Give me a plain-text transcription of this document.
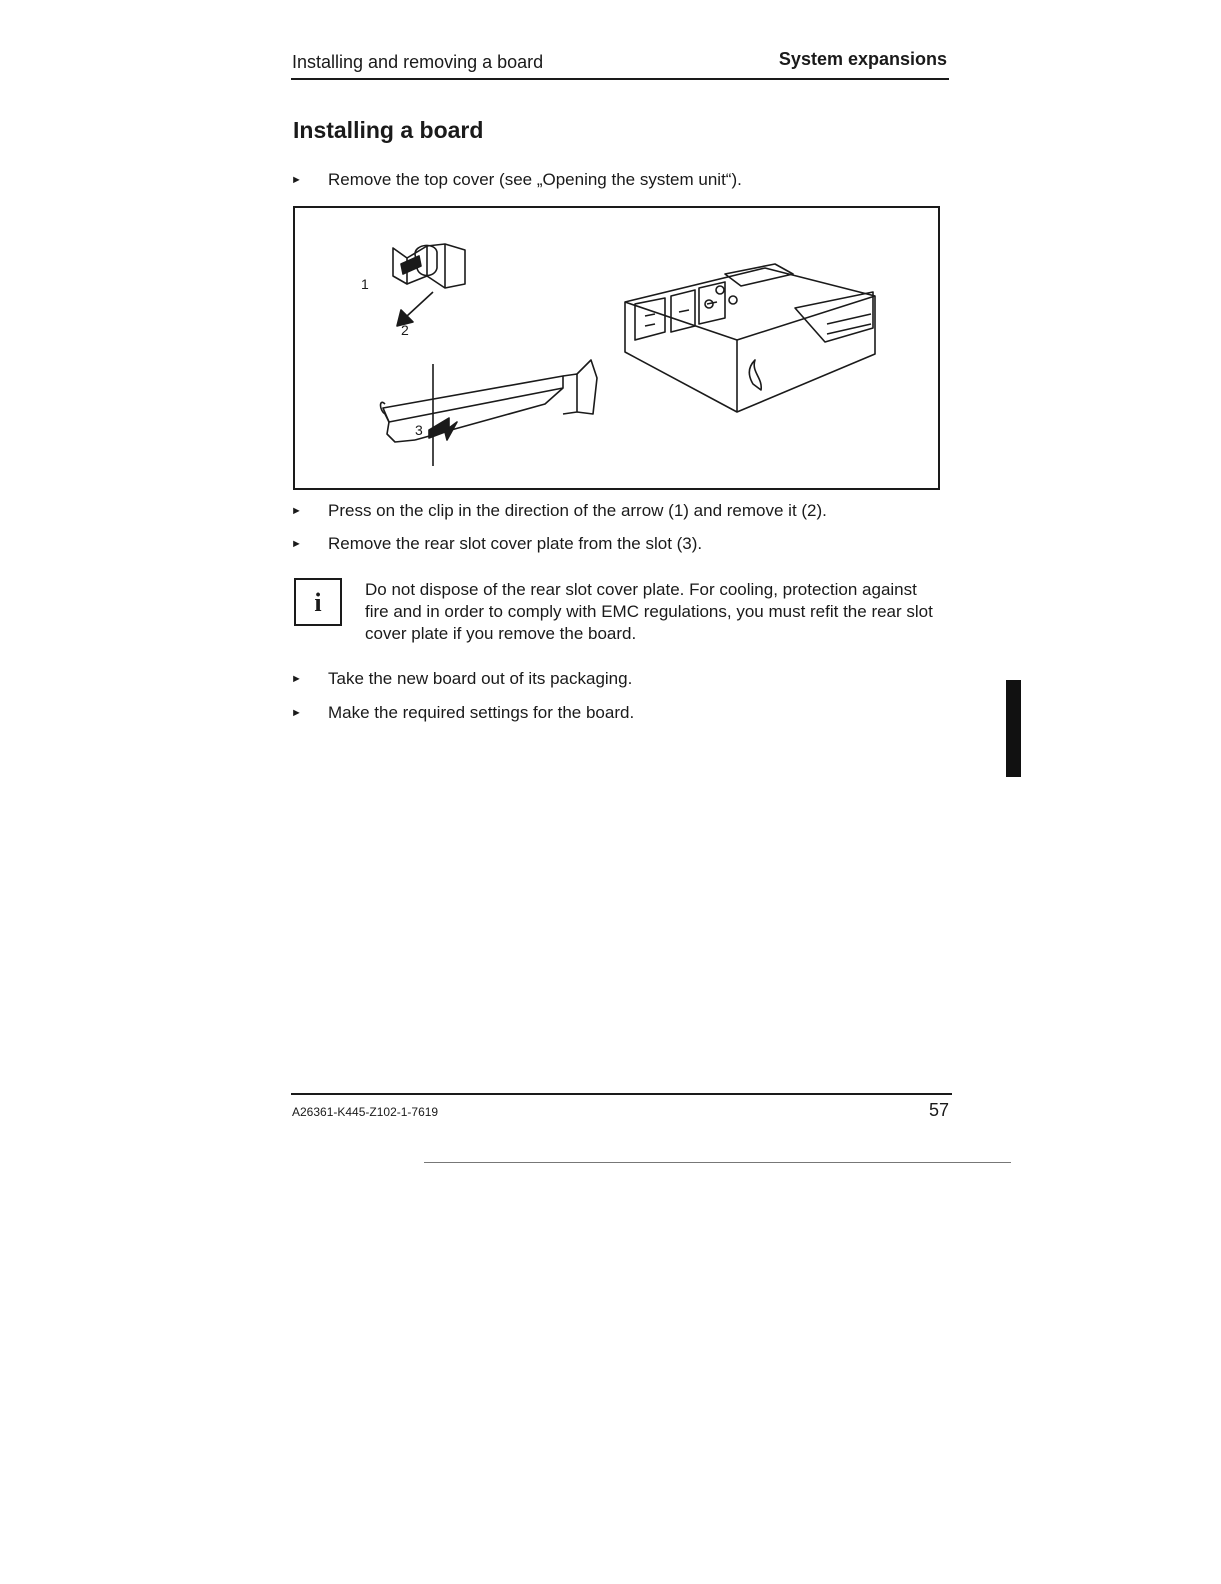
Installing and removing a board	System expansions
Installing a board
►	Remove the top cover (see „Opening the system unit“).
1
2
3
►	Press on the clip in the direction of the arrow (1) and remove it (2).
►	Remove the rear slot cover plate from the slot (3).
i	Do not dispose of the rear slot cover plate. For cooling, protection against fire and in order to comply with EMC regulations, you must refit the rear slot cover plate if you remove the board.
►	Take the new board out of its packaging.
►	Make the required settings for the board.
A26361-K445-Z102-1-7619	57
